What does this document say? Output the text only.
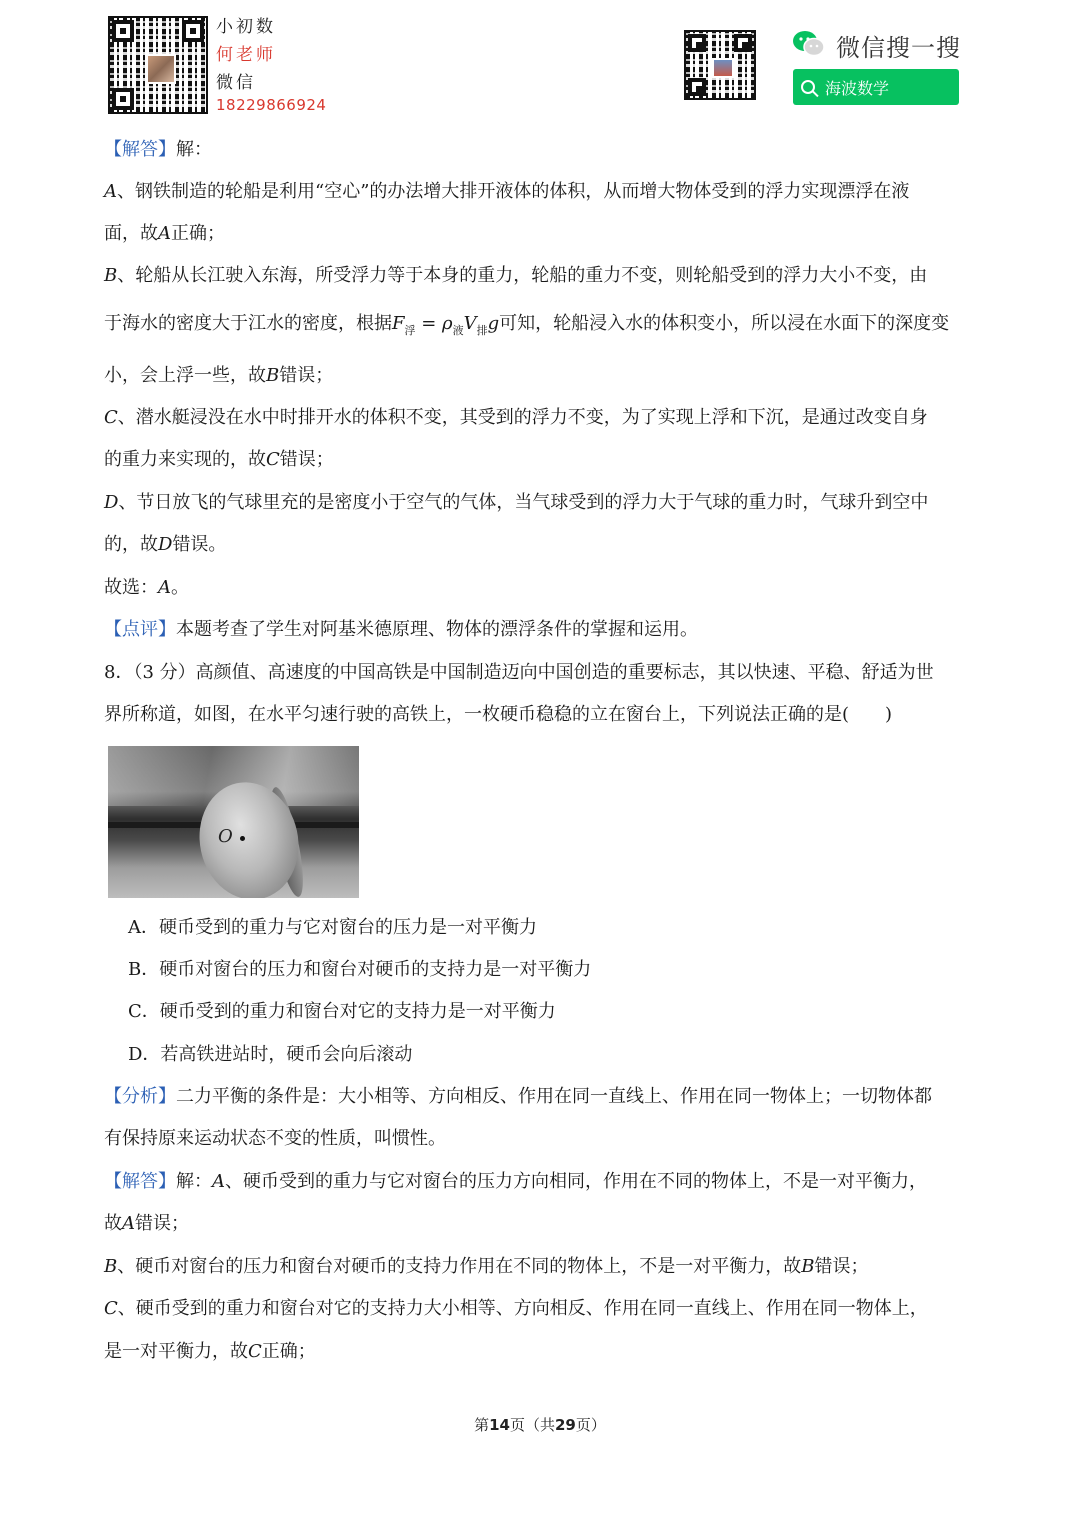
小初数
何老师
微信
18229866924
微信搜一搜
海波数学
【解答】解：
A、钢铁制造的轮船是利用“空心”的办法增大排开液体的体积，从而增大物体受到的浮力实现漂浮在液
面，故A正确；
B、轮船从长江驶入东海，所受浮力等于本身的重力，轮船的重力不变，则轮船受到的浮力大小不变，由
于海水的密度大于江水的密度，根据$F_浮 = \rho_液V_排g$可知，轮船浸入水的体积变小，所以浸在水面下的深度变
小，会上浮一些，故B错误；
C、潜水艇浸没在水中时排开水的体积不变，其受到的浮力不变，为了实现上浮和下沉，是通过改变自身
的重力来实现的，故C错误；
D、节日放飞的气球里充的是密度小于空气的气体，当气球受到的浮力大于气球的重力时，气球升到空中
的，故D错误。
故选：A。
【点评】本题考查了学生对阿基米德原理、物体的漂浮条件的掌握和运用。
8．（3 分）高颜值、高速度的中国高铁是中国制造迈向中国创造的重要标志，其以快速、平稳、舒适为世
界所称道，如图，在水平匀速行驶的高铁上，一枚硬币稳稳的立在窗台上，下列说法正确的是(　　)
O
A．硬币受到的重力与它对窗台的压力是一对平衡力
B．硬币对窗台的压力和窗台对硬币的支持力是一对平衡力
C．硬币受到的重力和窗台对它的支持力是一对平衡力
D．若高铁进站时，硬币会向后滚动
【分析】二力平衡的条件是：大小相等、方向相反、作用在同一直线上、作用在同一物体上；一切物体都
有保持原来运动状态不变的性质，叫惯性。
【解答】解：A、硬币受到的重力与它对窗台的压力方向相同，作用在不同的物体上，不是一对平衡力，
故A错误；
B、硬币对窗台的压力和窗台对硬币的支持力作用在不同的物体上，不是一对平衡力，故B错误；
C、硬币受到的重力和窗台对它的支持力大小相等、方向相反、作用在同一直线上、作用在同一物体上，
是一对平衡力，故C正确；
第14页（共29页）
